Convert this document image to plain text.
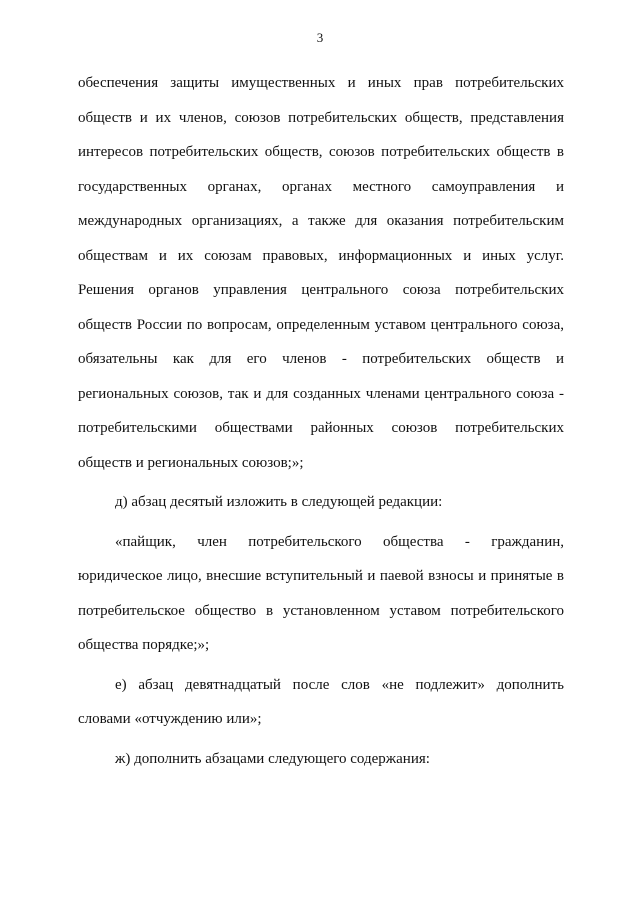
3

обеспечения защиты имущественных и иных прав потребительских обществ и их членов, союзов потребительских обществ, представления интересов потребительских обществ, союзов потребительских обществ в государственных органах, органах местного самоуправления и международных организациях, а также для оказания потребительским обществам и их союзам правовых, информационных и иных услуг. Решения органов управления центрального союза потребительских обществ России по вопросам, определенным уставом центрального союза, обязательны как для его членов - потребительских обществ и региональных союзов, так и для созданных членами центрального союза - потребительскими обществами районных союзов потребительских обществ и региональных союзов;»;

д) абзац десятый изложить в следующей редакции:

«пайщик, член потребительского общества - гражданин, юридическое лицо, внесшие вступительный и паевой взносы и принятые в потребительское общество в установленном уставом потребительского общества порядке;»;

е) абзац девятнадцатый после слов «не подлежит» дополнить словами «отчуждению или»;

ж) дополнить абзацами следующего содержания:
